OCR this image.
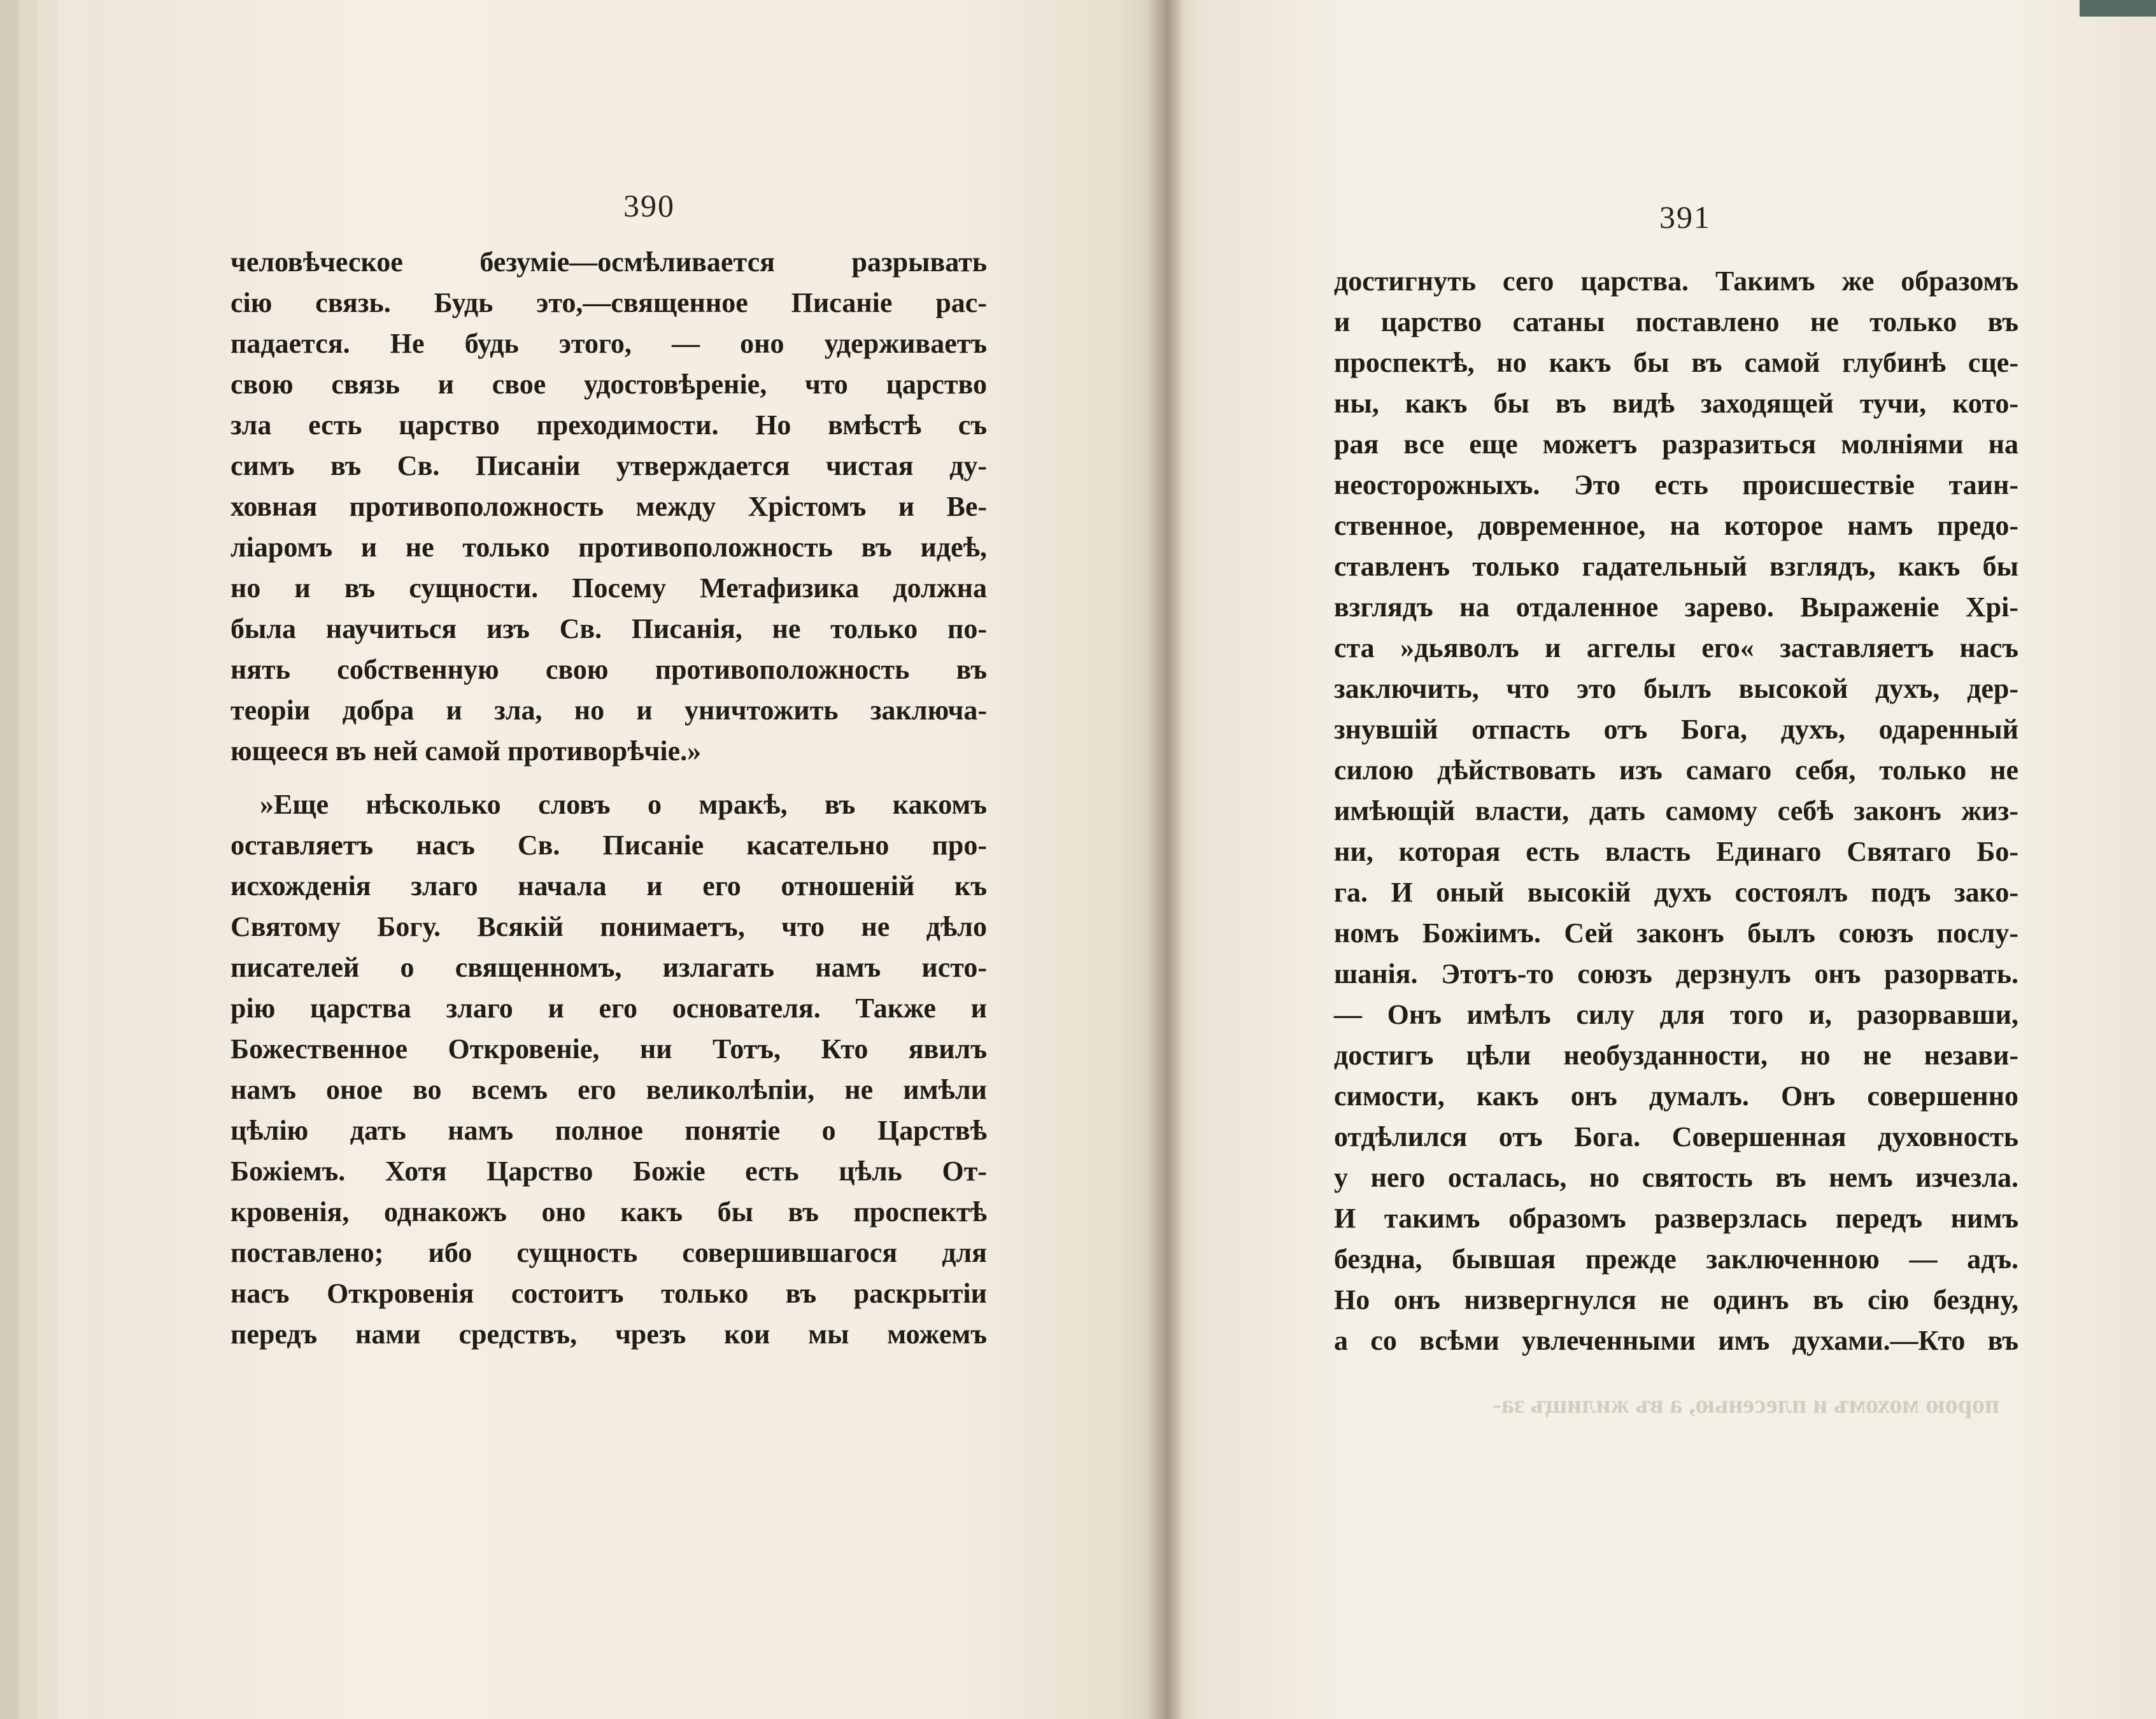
390	391
человѣческое безуміе—осмѣливается разрывать
сію связь. Будь это,—священное Писаніе рас-
падается. Не будь этого, — оно удерживаетъ
свою связь и свое удостовѣреніе, что царство
зла есть царство преходимости. Но вмѣстѣ съ
симъ въ Св. Писаніи утверждается чистая ду-
ховная противоположность между Хрістомъ и Ве-
ліаромъ и не только противоположность въ идеѣ,
но и въ сущности. Посему Метафизика должна
была научиться изъ Св. Писанія, не только по-
нять собственную свою противоположность въ
теоріи добра и зла, но и уничтожить заключа-
ющееся въ ней самой противорѣчіе.»
»Еще нѣсколько словъ о мракѣ, въ какомъ
оставляетъ насъ Св. Писаніе касательно про-
исхожденія злаго начала и его отношеній къ
Святому Богу. Всякій понимаетъ, что не дѣло
писателей о священномъ, излагать намъ исто-
рію царства злаго и его основателя. Также и
Божественное Откровеніе, ни Тотъ, Кто явилъ
намъ оное во всемъ его великолѣпіи, не имѣли
цѣлію дать намъ полное понятіе о Царствѣ
Божіемъ. Хотя Царство Божіе есть цѣль От-
кровенія, однакожъ оно какъ бы въ проспектѣ
поставлено; ибо сущность совершившагося для
насъ Откровенія состоитъ только въ раскрытіи
передъ нами средствъ, чрезъ кои мы можемъ
достигнуть сего царства. Такимъ же образомъ
и царство сатаны поставлено не только въ
проспектѣ, но какъ бы въ самой глубинѣ сце-
ны, какъ бы въ видѣ заходящей тучи, кото-
рая все еще можетъ разразиться молніями на
неосторожныхъ. Это есть происшествіе таин-
ственное, довременное, на которое намъ предо-
ставленъ только гадательный взглядъ, какъ бы
взглядъ на отдаленное зарево. Выраженіе Хрі-
ста »дьяволъ и аггелы его« заставляетъ насъ
заключить, что это былъ высокой духъ, дер-
знувшій отпасть отъ Бога, духъ, одаренный
силою дѣйствовать изъ самаго себя, только не
имѣющій власти, дать самому себѣ законъ жиз-
ни, которая есть власть Единаго Святаго Бо-
га. И оный высокій духъ состоялъ подъ зако-
номъ Божіимъ. Сей законъ былъ союзъ послу-
шанія. Этотъ-то союзъ дерзнулъ онъ разорвать.
— Онъ имѣлъ силу для того и, разорвавши,
достигъ цѣли необузданности, но не незави-
симости, какъ онъ думалъ. Онъ совершенно
отдѣлился отъ Бога. Совершенная духовность
у него осталась, но святость въ немъ изчезла.
И такимъ образомъ разверзлась передъ нимъ
бездна, бывшая прежде заключенною — адъ.
Но онъ низвергнулся не одинъ въ сію бездну,
а со всѣми увлеченными имъ духами.—Кто въ
порою мохомъ и плесенью, а въ жилищъ за-
